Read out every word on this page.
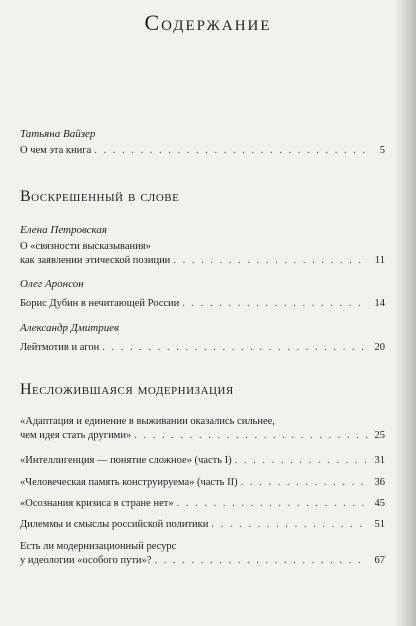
Содержание
Татьяна Вайзер
О чем эта книга . . .	5
Воскрешенный в слове
Елена Петровская
О «связности высказывания»
как заявлении этической позиции . . .	11
Олег Аронсон
Борис Дубин в нечитающей России . . .	14
Александр Дмитриев
Лейтмотив и агон . . .	20
Несложившаяся модернизация
«Адаптация и единение в выживании оказались сильнее,
чем идея стать другими» . . .	25
«Интеллигенция — понятие сложное» (часть I) . . .	31
«Человеческая память конструируема» (часть II) . . .	36
«Осознания кризиса в стране нет» . . .	45
Дилеммы и смыслы российской политики . . .	51
Есть ли модернизационный ресурс
у идеологии «особого пути»? . . .	67
